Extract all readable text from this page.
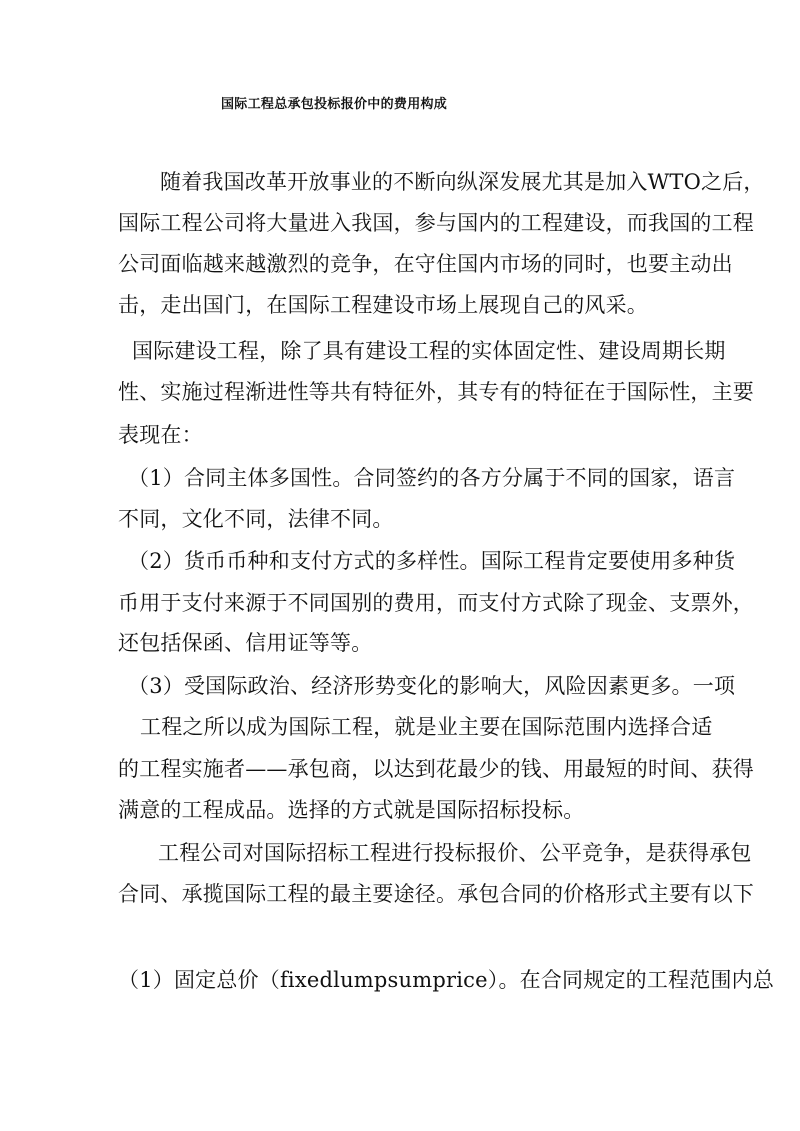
国际工程总承包投标报价中的费用构成
随着我国改革开放事业的不断向纵深发展尤其是加入WTO之后，
国际工程公司将大量进入我国，参与国内的工程建设，而我国的工程
公司面临越来越激烈的竞争，在守住国内市场的同时，也要主动出
击，走出国门，在国际工程建设市场上展现自己的风采。
国际建设工程，除了具有建设工程的实体固定性、建设周期长期
性、实施过程渐进性等共有特征外，其专有的特征在于国际性，主要
表现在：
（1）合同主体多国性。合同签约的各方分属于不同的国家，语言
不同，文化不同，法律不同。
（2）货币币种和支付方式的多样性。国际工程肯定要使用多种货
币用于支付来源于不同国别的费用，而支付方式除了现金、支票外，
还包括保函、信用证等等。
（3）受国际政治、经济形势变化的影响大，风险因素更多。一项
工程之所以成为国际工程，就是业主要在国际范围内选择合适
的工程实施者——承包商，以达到花最少的钱、用最短的时间、获得
满意的工程成品。选择的方式就是国际招标投标。
工程公司对国际招标工程进行投标报价、公平竞争，是获得承包
合同、承揽国际工程的最主要途径。承包合同的价格形式主要有以下
（1）固定总价（fixedlumpsumprice）。在合同规定的工程范围内总
